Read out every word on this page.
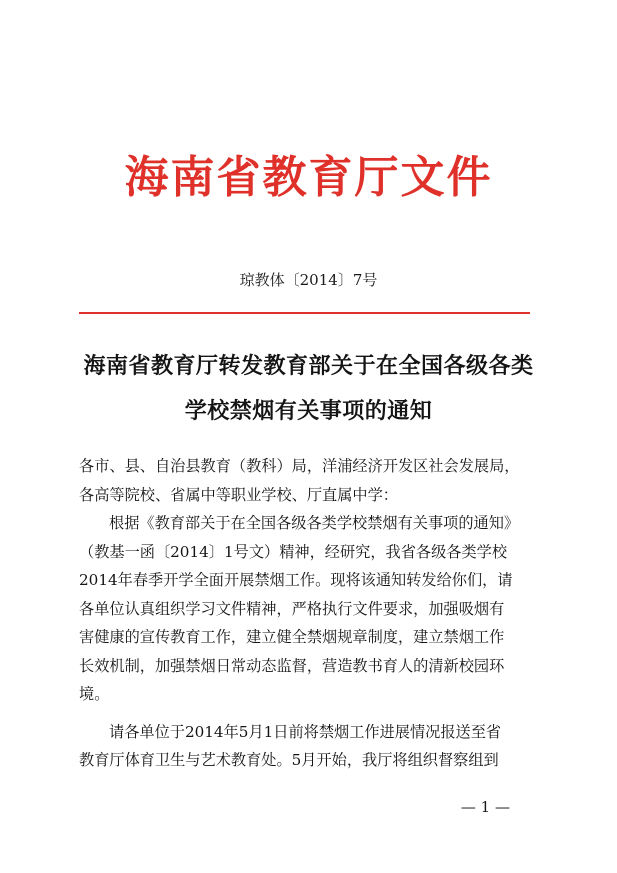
海南省教育厅文件
琼教体〔2014〕7号
海南省教育厅转发教育部关于在全国各级各类
学校禁烟有关事项的通知
各市、县、自治县教育（教科）局，洋浦经济开发区社会发展局，
各高等院校、省属中等职业学校、厅直属中学：
根据《教育部关于在全国各级各类学校禁烟有关事项的通知》
（教基一函〔2014〕1号文）精神，经研究，我省各级各类学校
2014年春季开学全面开展禁烟工作。现将该通知转发给你们，请
各单位认真组织学习文件精神，严格执行文件要求，加强吸烟有
害健康的宣传教育工作，建立健全禁烟规章制度，建立禁烟工作
长效机制，加强禁烟日常动态监督，营造教书育人的清新校园环
境。
请各单位于2014年5月1日前将禁烟工作进展情况报送至省
教育厅体育卫生与艺术教育处。5月开始，我厅将组织督察组到
— 1 —
